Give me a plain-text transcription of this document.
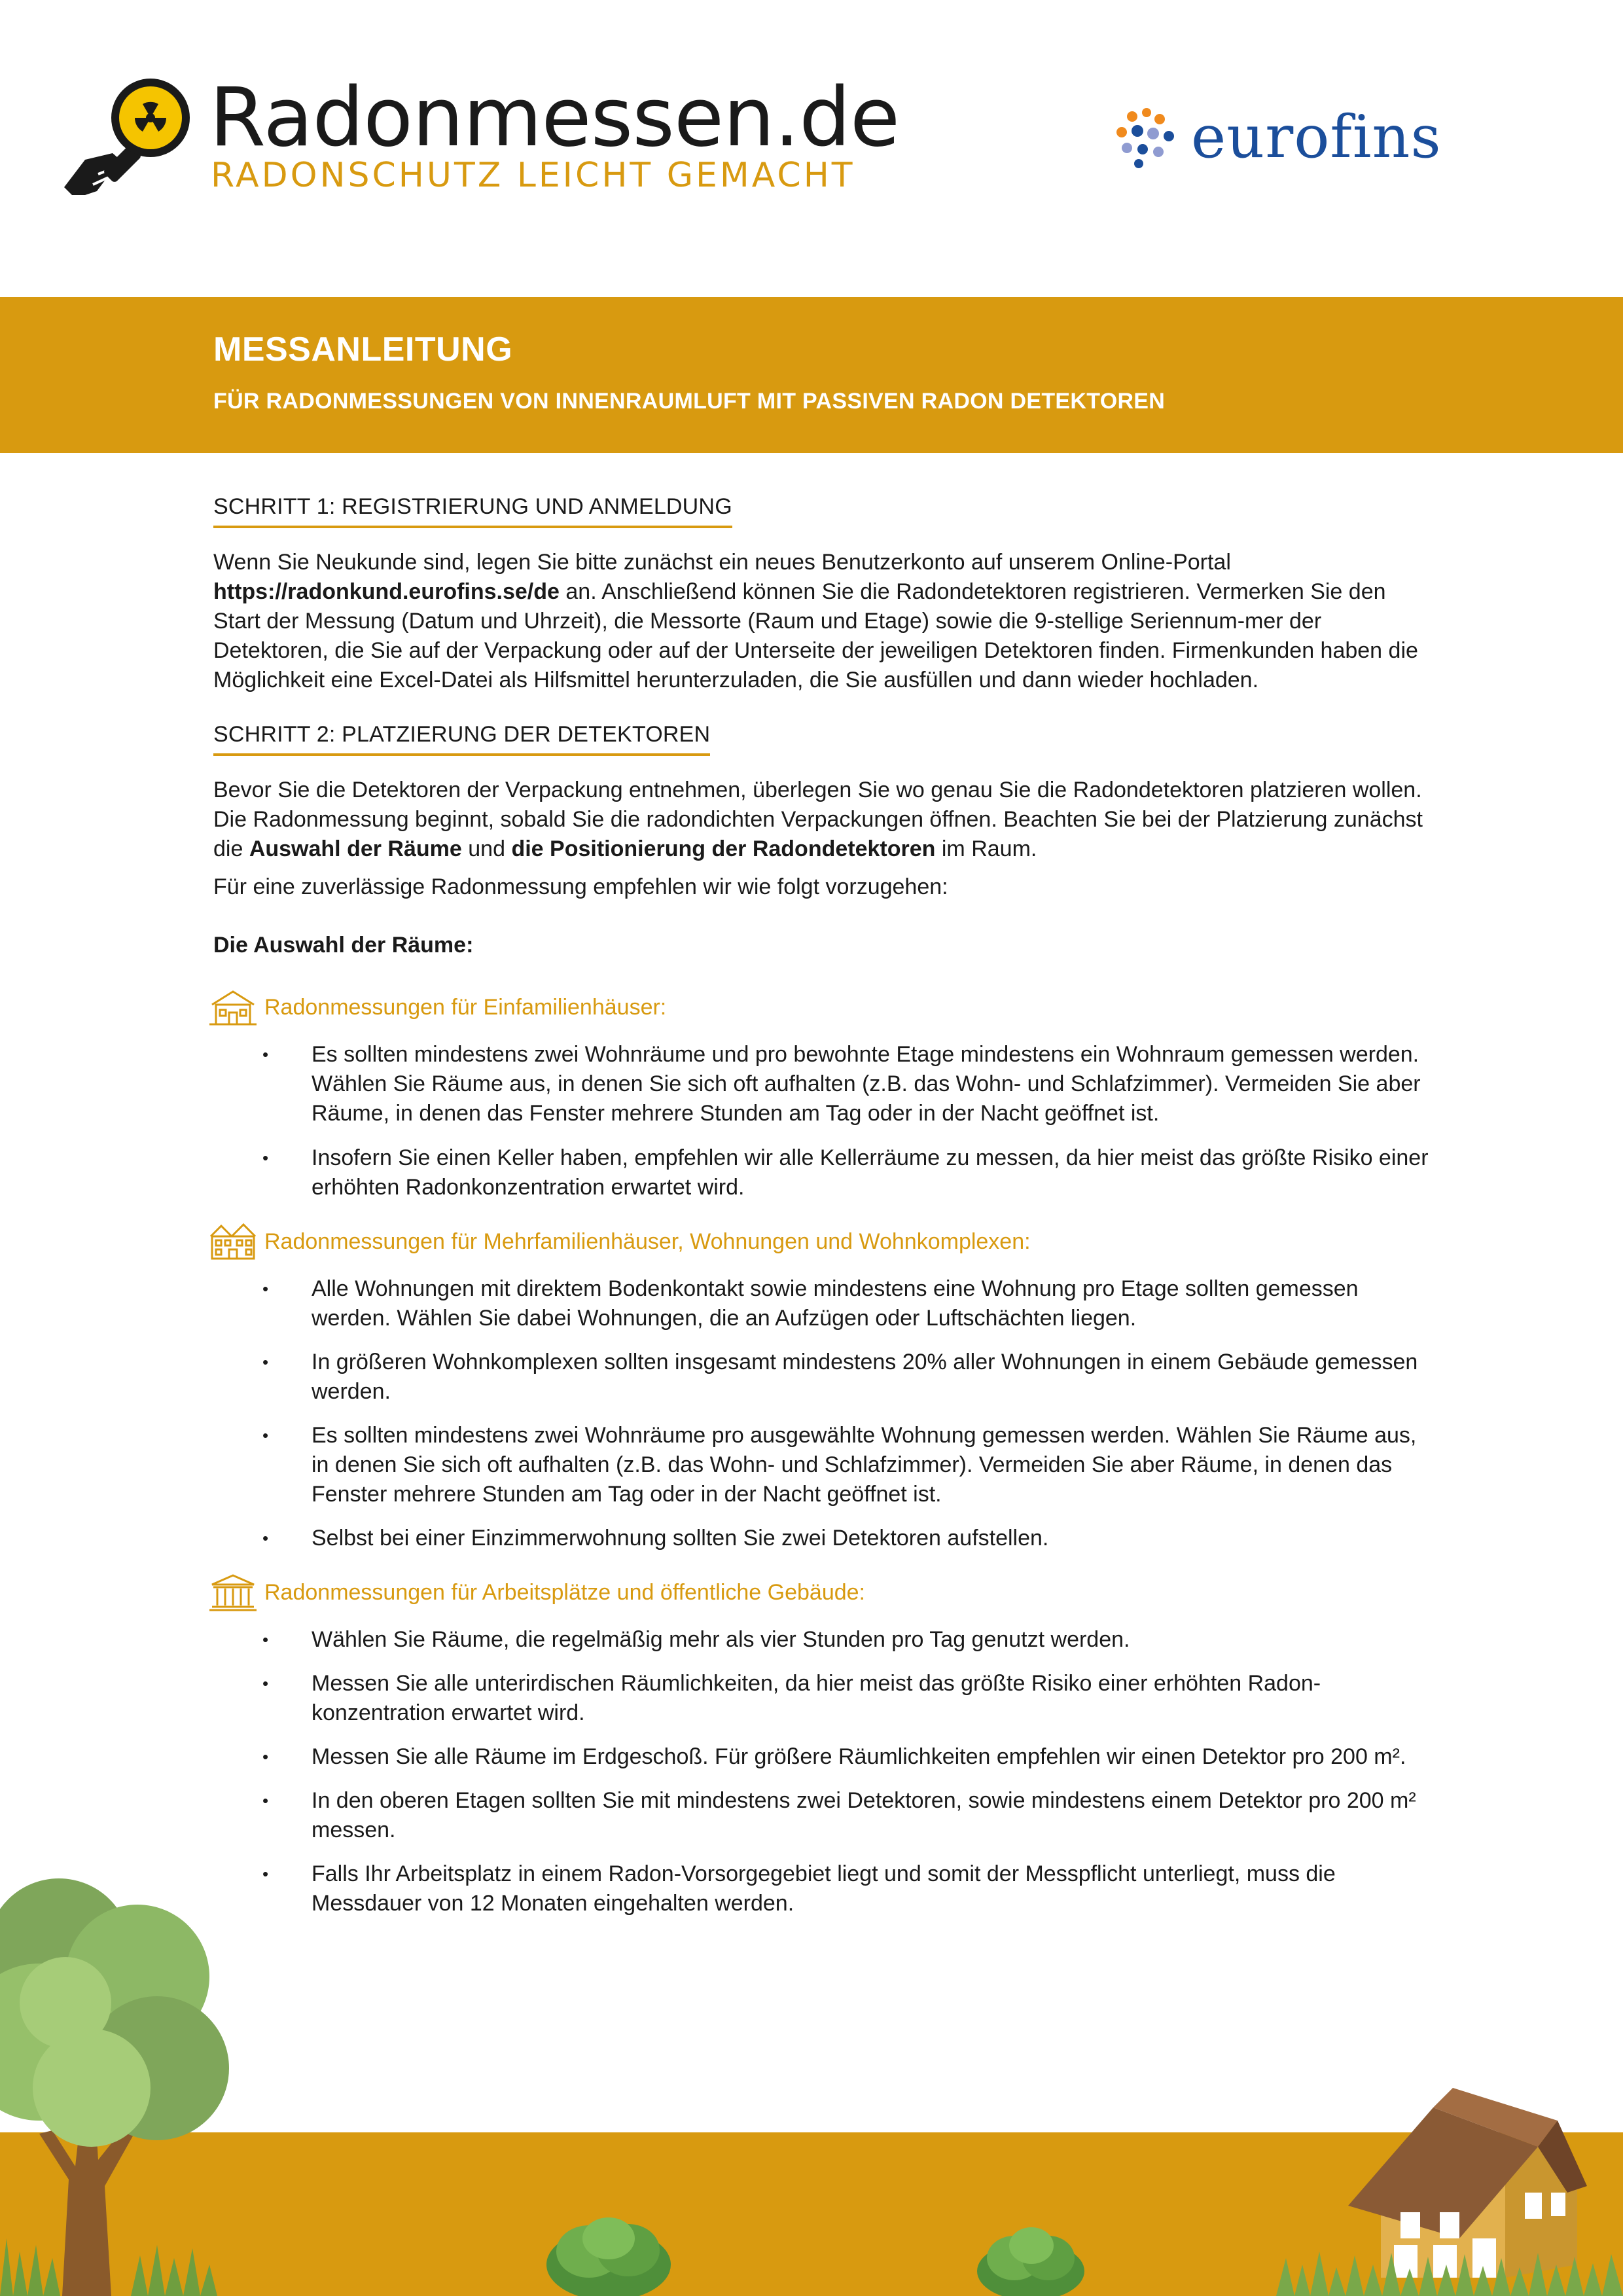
Radonmessen.de

RADONSCHUTZ LEICHT GEMACHT

eurofins

MESSANLEITUNG

FÜR RADONMESSUNGEN VON INNENRAUMLUFT MIT PASSIVEN RADON DETEKTOREN

SCHRITT 1: REGISTRIERUNG UND ANMELDUNG

Wenn Sie Neukunde sind, legen Sie bitte zunächst ein neues Benutzerkonto auf unserem Online-Portal https://radonkund.eurofins.se/de an. Anschließend können Sie die Radondetektoren registrieren. Vermerken Sie den Start der Messung (Datum und Uhrzeit), die Messorte (Raum und Etage) sowie die 9-stellige Seriennum-mer der Detektoren, die Sie auf der Verpackung oder auf der Unterseite der jeweiligen Detektoren finden. Firmenkunden haben die Möglichkeit eine Excel-Datei als Hilfsmittel herunterzuladen, die Sie ausfüllen und dann wieder hochladen.

SCHRITT 2: PLATZIERUNG DER DETEKTOREN

Bevor Sie die Detektoren der Verpackung entnehmen, überlegen Sie wo genau Sie die Radondetektoren platzieren wollen. Die Radonmessung beginnt, sobald Sie die radondichten Verpackungen öffnen. Beachten Sie bei der Platzierung zunächst die Auswahl der Räume und die Positionierung der Radondetektoren im Raum.

Für eine zuverlässige Radonmessung empfehlen wir wie folgt vorzugehen:

Die Auswahl der Räume:

Radonmessungen für Einfamilienhäuser:
• Es sollten mindestens zwei Wohnräume und pro bewohnte Etage mindestens ein Wohnraum gemessen werden. Wählen Sie Räume aus, in denen Sie sich oft aufhalten (z.B. das Wohn- und Schlafzimmer). Vermeiden Sie aber Räume, in denen das Fenster mehrere Stunden am Tag oder in der Nacht geöffnet ist.
• Insofern Sie einen Keller haben, empfehlen wir alle Kellerräume zu messen, da hier meist das größte Risiko einer erhöhten Radonkonzentration erwartet wird.
Radonmessungen für Mehrfamilienhäuser, Wohnungen und Wohnkomplexen:
• Alle Wohnungen mit direktem Bodenkontakt sowie mindestens eine Wohnung pro Etage sollten gemessen werden. Wählen Sie dabei Wohnungen, die an Aufzügen oder Luftschächten liegen.
• In größeren Wohnkomplexen sollten insgesamt mindestens 20% aller Wohnungen in einem Gebäude gemessen werden.
• Es sollten mindestens zwei Wohnräume pro ausgewählte Wohnung gemessen werden. Wählen Sie Räume aus, in denen Sie sich oft aufhalten (z.B. das Wohn- und Schlafzimmer). Vermeiden Sie aber Räume, in denen das Fenster mehrere Stunden am Tag oder in der Nacht geöffnet ist.
• Selbst bei einer Einzimmerwohnung sollten Sie zwei Detektoren aufstellen.
Radonmessungen für Arbeitsplätze und öffentliche Gebäude:
• Wählen Sie Räume, die regelmäßig mehr als vier Stunden pro Tag genutzt werden.
• Messen Sie alle unterirdischen Räumlichkeiten, da hier meist das größte Risiko einer erhöhten Radon-konzentration erwartet wird.
• Messen Sie alle Räume im Erdgeschoß. Für größere Räumlichkeiten empfehlen wir einen Detektor pro 200 m².
• In den oberen Etagen sollten Sie mit mindestens zwei Detektoren, sowie mindestens einem Detektor pro 200 m² messen.
• Falls Ihr Arbeitsplatz in einem Radon-Vorsorgegebiet liegt und somit der Messpflicht unterliegt, muss die Messdauer von 12 Monaten eingehalten werden.
